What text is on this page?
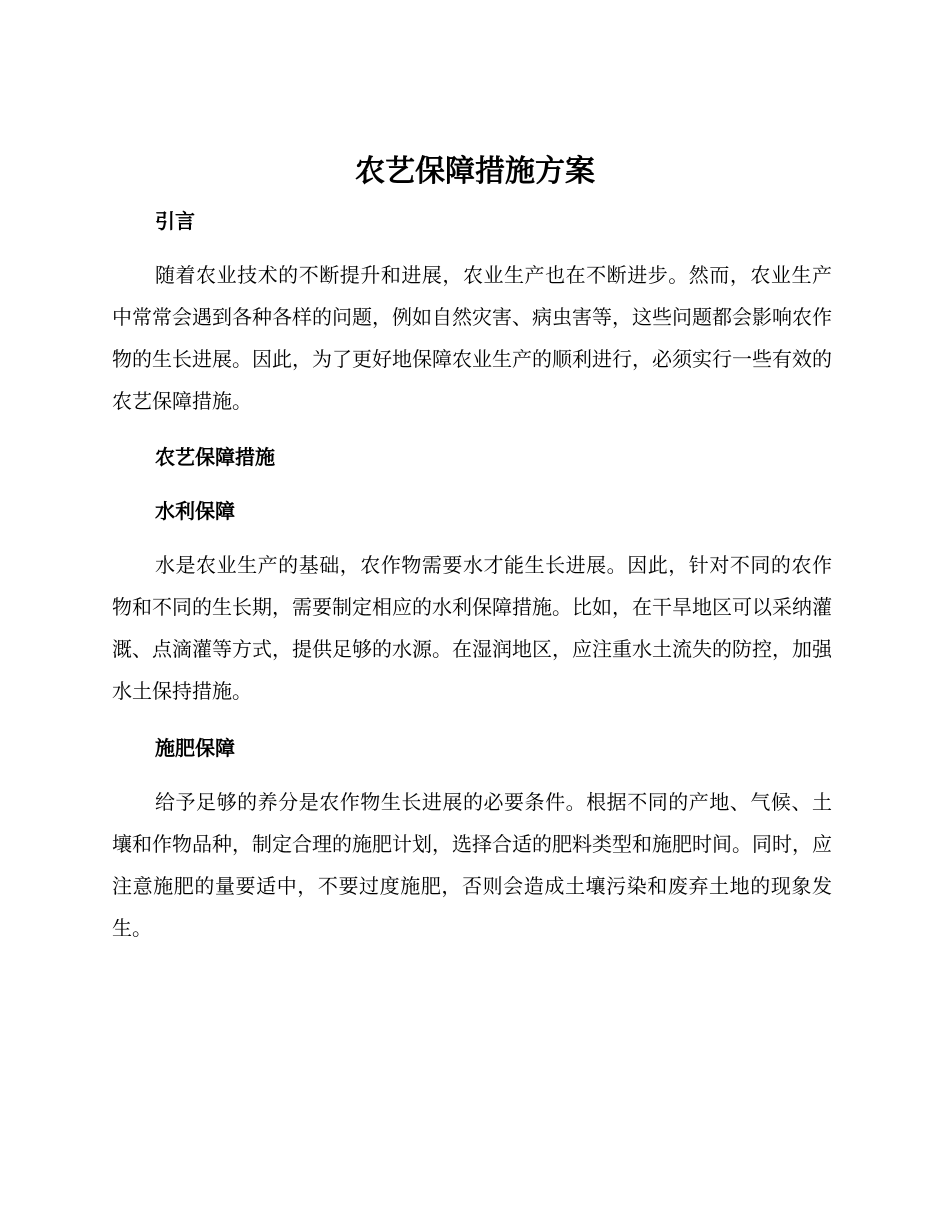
农艺保障措施方案
引言

随着农业技术的不断提升和进展，农业生产也在不断进步。然而，农业生产中常常会遇到各种各样的问题，例如自然灾害、病虫害等，这些问题都会影响农作物的生长进展。因此，为了更好地保障农业生产的顺利进行，必须实行一些有效的农艺保障措施。

农艺保障措施
水利保障

水是农业生产的基础，农作物需要水才能生长进展。因此，针对不同的农作物和不同的生长期，需要制定相应的水利保障措施。比如，在干旱地区可以采纳灌溉、点滴灌等方式，提供足够的水源。在湿润地区，应注重水土流失的防控，加强水土保持措施。

施肥保障

给予足够的养分是农作物生长进展的必要条件。根据不同的产地、气候、土壤和作物品种，制定合理的施肥计划，选择合适的肥料类型和施肥时间。同时，应注意施肥的量要适中，不要过度施肥，否则会造成土壤污染和废弃土地的现象发生。
